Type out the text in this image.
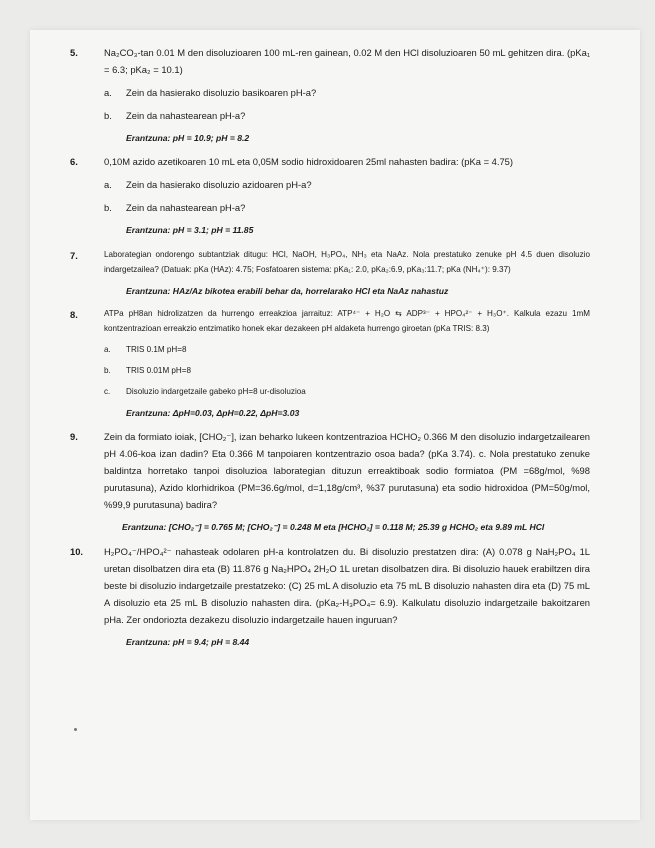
5.	Na₂CO₃-tan 0.01 M den disoluzioaren 100 mL-ren gainean, 0.02 M den HCl disoluzioaren 50 mL gehitzen dira. (pKa₁ = 6.3; pKa₂ = 10.1)
a. Zein da hasierako disoluzio basikoaren pH-a?
b. Zein da nahastearean pH-a?
Erantzuna: pH = 10.9; pH = 8.2
6.	0,10M azido azetikoaren 10 mL eta 0,05M sodio hidroxidoaren 25ml nahasten badira: (pKa = 4.75)
a. Zein da hasierako disoluzio azidoaren pH-a?
b. Zein da nahastearean pH-a?
Erantzuna: pH = 3.1; pH = 11.85
7.	Laborategian ondorengo subtantziak ditugu: HCl, NaOH, H₃PO₄, NH₃ eta NaAz. Nola prestatuko zenuke pH 4.5 duen disoluzio indargetzailea? (Datuak: pKa (HAz): 4.75; Fosfatoaren sistema: pKa₁: 2.0, pKa₂:6.9, pKa₃:11.7; pKa (NH₄⁺): 9.37)
Erantzuna: HAz/Az bikotea erabili behar da, horrelarako HCl eta NaAz nahastuz
8.	ATPa pH8an hidrolizatzen da hurrengo erreakzioa jarraituz: ATP⁴⁻ + H₂O ⇆ ADP³⁻ + HPO₄²⁻ + H₃O⁺. Kalkula ezazu 1mM kontzentrazioan erreakzio entzimatiko honek ekar dezakeen pH aldaketa hurrengo giroetan (pKa TRIS: 8.3)
a. TRIS 0.1M pH=8
b. TRIS 0.01M pH=8
c. Disoluzio indargetzaile gabeko pH=8 ur-disoluzioa
Erantzuna: ΔpH=0.03, ΔpH=0.22, ΔpH=3.03
9.	Zein da formiato ioiak, [CHO₂⁻], izan beharko lukeen kontzentrazioa HCHO₂ 0.366 M den disoluzio indargetzailearen pH 4.06-koa izan dadin? Eta 0.366 M tanpoiaren kontzentrazio osoa bada? (pKa 3.74). c. Nola prestatuko zenuke baldintza horretako tanpoi disoluzioa laborategian dituzun erreaktiboak sodio formiatoa (PM =68g/mol, %98 purutasuna), Azido klorhidrikoa (PM=36.6g/mol, d=1,18g/cm³, %37 purutasuna) eta sodio hidroxidoa (PM=50g/mol, %99,9 purutasuna) badira?
Erantzuna: [CHO₂⁻] = 0.765 M; [CHO₂⁻] = 0.248 M eta [HCHO₂] = 0.118 M; 25.39 g HCHO₂ eta 9.89 mL HCl
10. H₂PO₄⁻/HPO₄²⁻ nahasteak odolaren pH-a kontrolatzen du. Bi disoluzio prestatzen dira: (A) 0.078 g NaH₂PO₄ 1L uretan disolbatzen dira eta (B) 11.876 g Na₂HPO₄ 2H₂O 1L uretan disolbatzen dira. Bi disoluzio hauek erabiltzen dira beste bi disoluzio indargetzaile prestatzeko: (C) 25 mL A disoluzio eta 75 mL B disoluzio nahasten dira eta (D) 75 mL A disoluzio eta 25 mL B disoluzio nahasten dira. (pKa₂-H₃PO₄= 6.9). Kalkulatu disoluzio indargetzaile bakoitzaren pHa. Zer ondoriozta dezakezu disoluzio indargetzaile hauen inguruan?
Erantzuna: pH = 9.4; pH = 8.44
